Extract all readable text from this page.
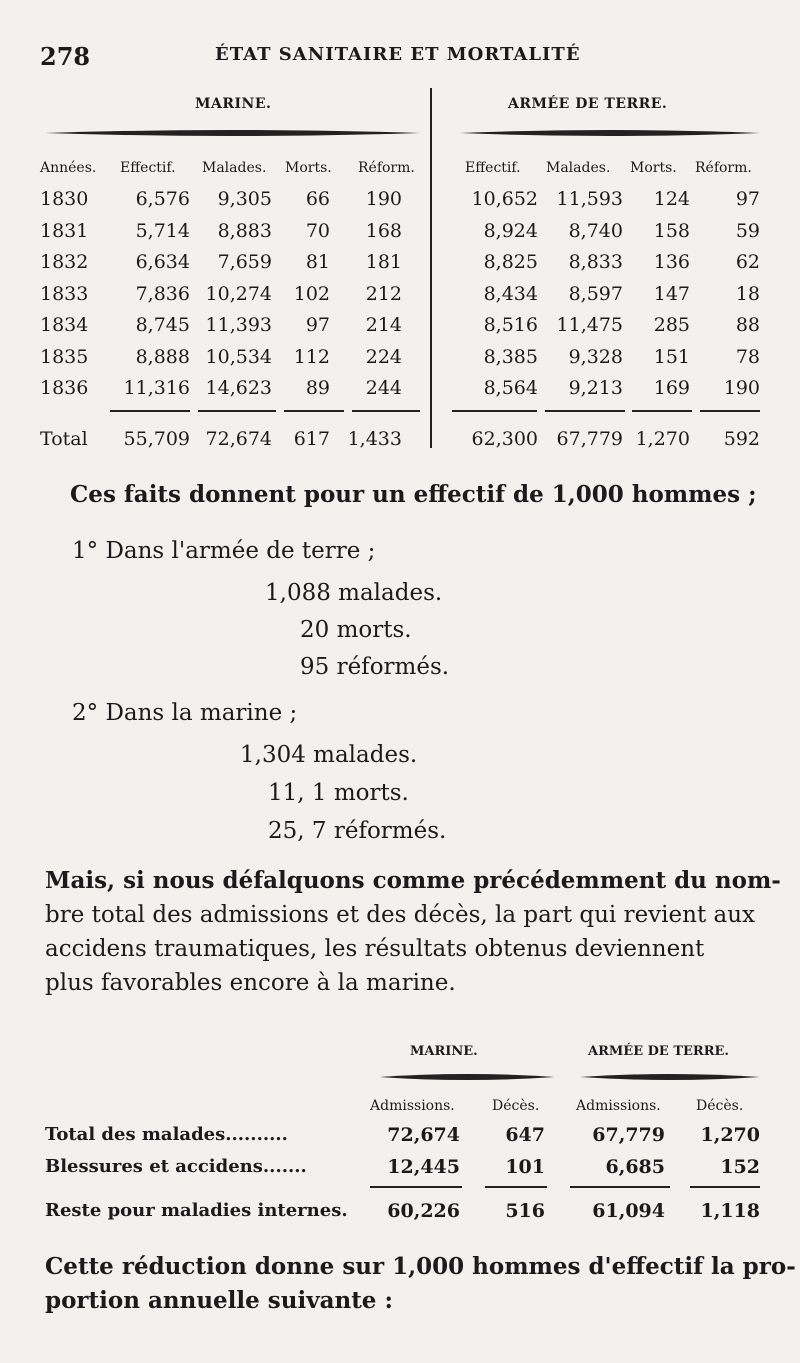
278	ÉTAT SANITAIRE ET MORTALITÉ
MARINE.	ARMÉE DE TERRE.
Années. Effectif. Malades. Morts. Réform.	Effectif. Malades. Morts. Réform.
1830 6,576 9,305 66 190	10,652 11,593 124 97
1831 5,714 8,883 70 168	8,924 8,740 158 59
1832 6,634 7,659 81 181	8,825 8,833 136 62
1833 7,836 10,274 102 212	8,434 8,597 147 18
1834 8,745 11,393 97 214	8,516 11,475 285 88
1835 8,888 10,534 112 224	8,385 9,328 151 78
1836 11,316 14,623 89 244	8,564 9,213 169 190
Total 55,709 72,674 617 1,433	62,300 67,779 1,270 592
Ces faits donnent pour un effectif de 1,000 hommes ;
1° Dans l'armée de terre ;
1,088 malades.
20 morts.
95 réformés.
2° Dans la marine ;
1,304 malades.
11, 1 morts.
25, 7 réformés.
Mais, si nous défalquons comme précédemment du nom-
bre total des admissions et des décès, la part qui revient aux
accidens traumatiques, les résultats obtenus deviennent
plus favorables encore à la marine.
MARINE.	ARMÉE DE TERRE.
Admissions.	Décès.	Admissions.	Décès.
Total des malades..........	72,674 647 67,779 1,270
Blessures et accidens.......	12,445 101	6,685	152
Reste pour maladies internes. 60,226 516 61,094 1,118
Cette réduction donne sur 1,000 hommes d'effectif la pro-
portion annuelle suivante :
